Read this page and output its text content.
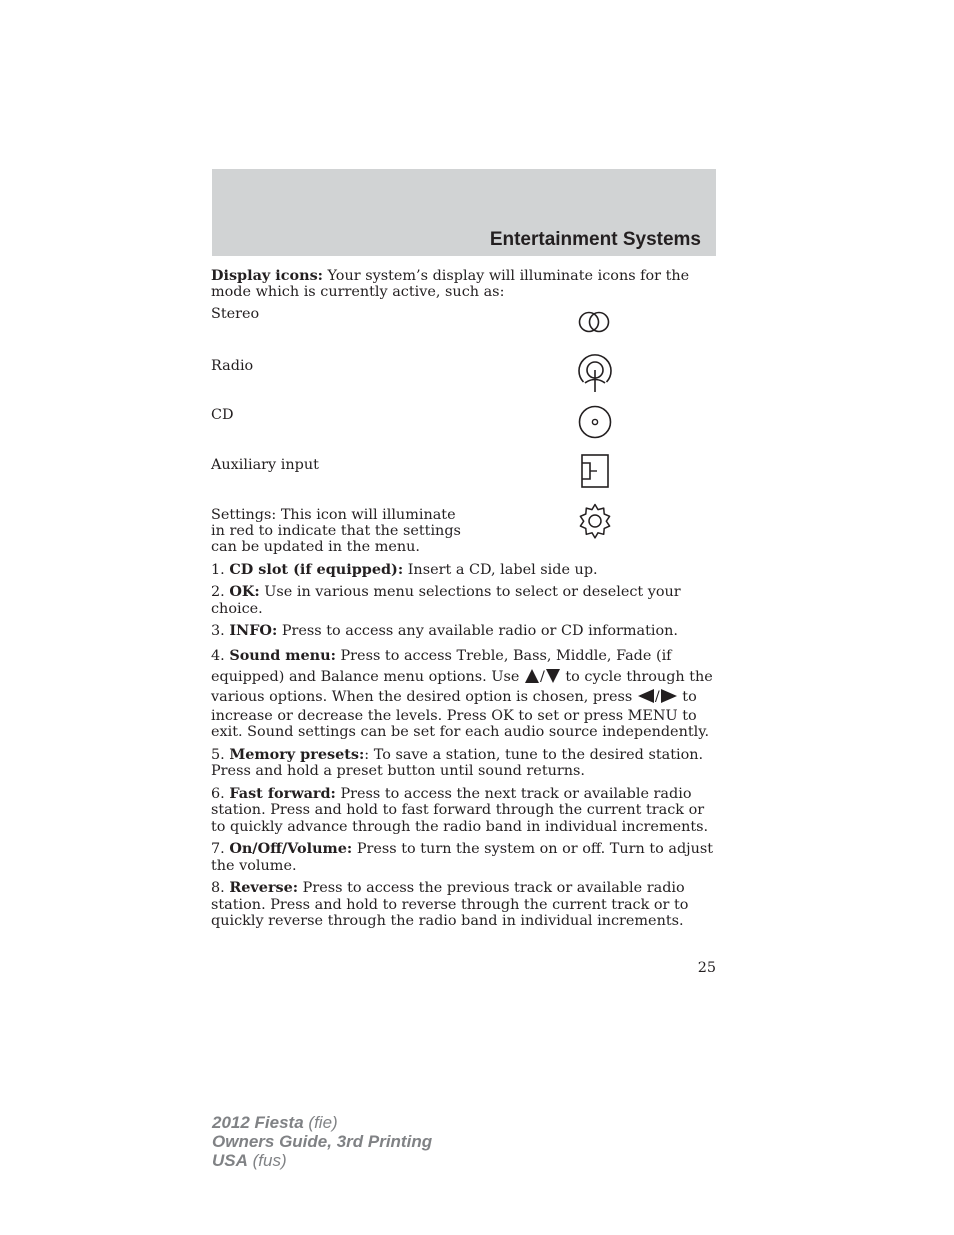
Entertainment Systems

Display icons: Your system’s display will illuminate icons for the mode which is currently active, such as:

Stereo
Radio
CD
Auxiliary input
Settings: This icon will illuminate in red to indicate that the settings can be updated in the menu.

1. CD slot (if equipped): Insert a CD, label side up.

2. OK: Use in various menu selections to select or deselect your choice.

3. INFO: Press to access any available radio or CD information.

4. Sound menu: Press to access Treble, Bass, Middle, Fade (if equipped) and Balance menu options. Use / to cycle through the various options. When the desired option is chosen, press / to

increase or decrease the levels. Press OK to set or press MENU to exit. Sound settings can be set for each audio source independently.

5. Memory presets:: To save a station, tune to the desired station. Press and hold a preset button until sound returns.

6. Fast forward: Press to access the next track or available radio station. Press and hold to fast forward through the current track or to quickly advance through the radio band in individual increments.

7. On/Off/Volume: Press to turn the system on or off. Turn to adjust the volume.

8. Reverse: Press to access the previous track or available radio station. Press and hold to reverse through the current track or to quickly reverse through the radio band in individual increments.

25
2012 Fiesta (fie)
Owners Guide, 3rd Printing
USA (fus)
